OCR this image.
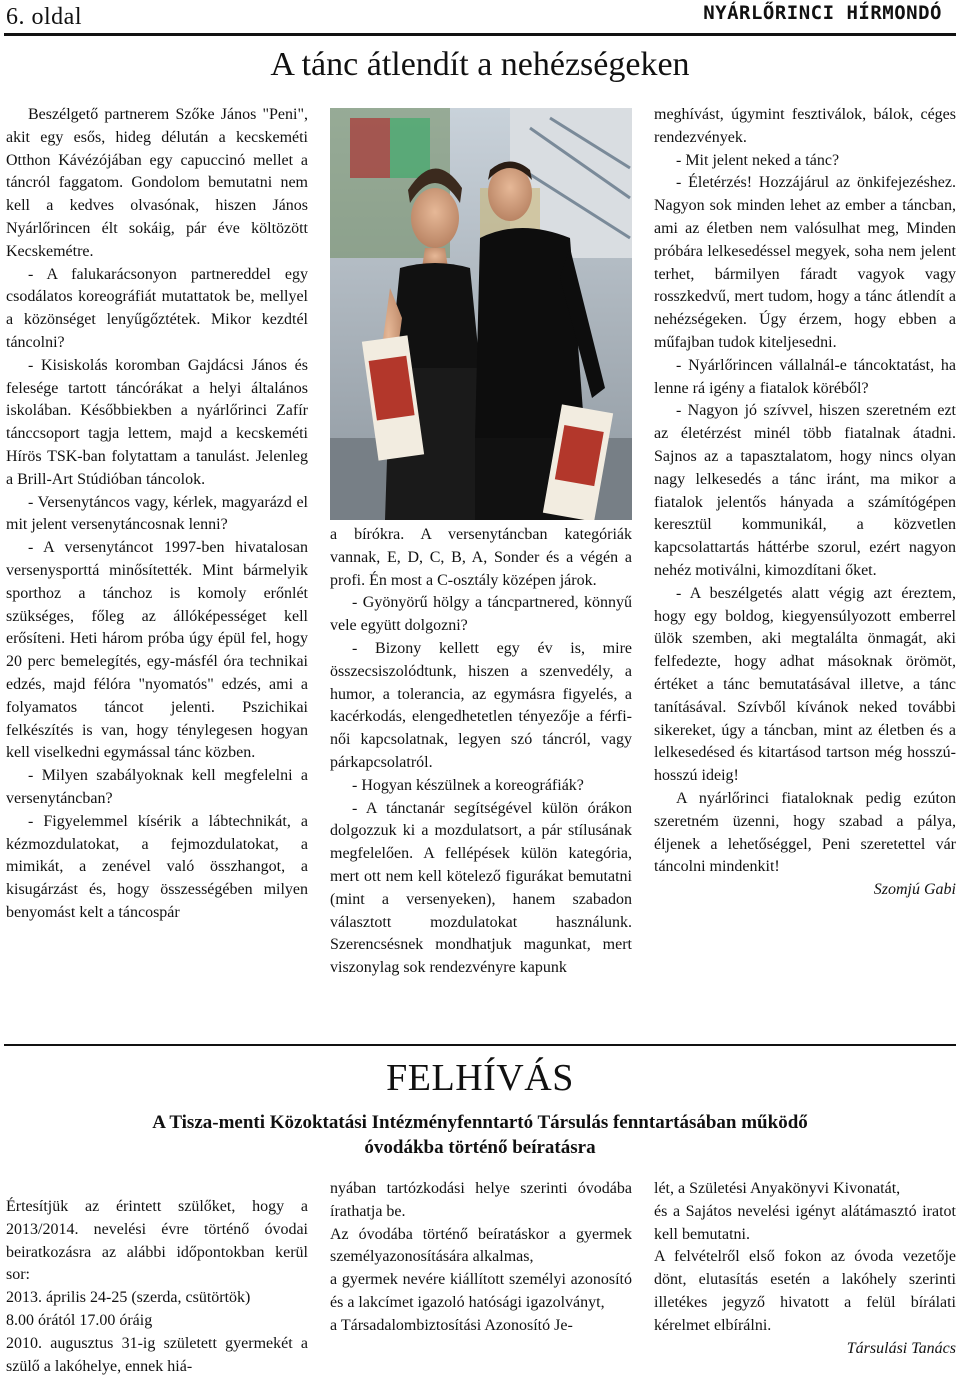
6. oldal	NYÁRLŐRINCI HÍRMONDÓ
A tánc átlendít a nehézségeken

Beszélgető partnerem Szőke János "Peni", akit egy esős, hideg délután a kecskeméti Otthon Kávézójában egy capuccinó mellet a táncról faggatom. Gondolom bemutatni nem kell a kedves olvasónak, hiszen János Nyárlőrincen élt sokáig, pár éve költözött Kecskemétre.

- A falukarácsonyon partnereddel egy csodálatos koreográfiát mutattatok be, mellyel a közönséget lenyűgőztétek. Mikor kezdtél táncolni?

- Kisiskolás koromban Gajdácsi János és felesége tartott táncórákat a helyi általános iskolában. Későbbiekben a nyárlőrinci Zafír tánccsoport tagja lettem, majd a kecskeméti Hírös TSK-ban folytattam a tanulást. Jelenleg a Brill-Art Stúdióban táncolok.

- Versenytáncos vagy, kérlek, magyarázd el mit jelent versenytáncosnak lenni?

- A versenytáncot 1997-ben hivatalosan versenysporttá minősítették. Mint bármelyik sporthoz a tánchoz is komoly erőnlét szükséges, főleg az állóképességet kell erősíteni. Heti három próba úgy épül fel, hogy 20 perc bemelegítés, egy-másfél óra technikai edzés, majd félóra "nyomatós" edzés, ami a folyamatos táncot jelenti. Pszichikai felkészítés is van, hogy ténylegesen hogyan kell viselkedni egymással tánc közben.

- Milyen szabályoknak kell megfelelni a versenytáncban?

- Figyelemmel kísérik a lábtechnikát, a kézmozdulatokat, a fejmozdulatokat, a mimikát, a zenével való összhangot, a kisugárzást és, hogy összességében milyen benyomást kelt a táncospár

a bírókra. A versenytáncban kategóriák vannak, E, D, C, B, A, Sonder és a végén a profi. Én most a C-osztály középen járok.

- Gyönyörű hölgy a táncpartnered, könnyű vele együtt dolgozni?

- Bizony kellett egy év is, mire összecsiszolódtunk, hiszen a szenvedély, a humor, a tolerancia, az egymásra figyelés, a kacérkodás, elengedhetetlen tényezője a férfi-női kapcsolatnak, legyen szó táncról, vagy párkapcsolatról.

- Hogyan készülnek a koreográfiák?

- A tánctanár segítségével külön órákon dolgozzuk ki a mozdulatsort, a pár stílusának megfelelően. A fellépések külön kategória, mert ott nem kell kötelező figurákat bemutatni (mint a versenyeken), hanem szabadon választott mozdulatokat használunk. Szerencsésnek mondhatjuk magunkat, mert viszonylag sok rendezvényre kapunk

meghívást, úgymint fesztiválok, bálok, céges rendezvények.

- Mit jelent neked a tánc?

- Életérzés! Hozzájárul az önkifejezéshez. Nagyon sok minden lehet az ember a táncban, ami az életben nem valósulhat meg, Minden próbára lelkesedéssel megyek, soha nem jelent terhet, bármilyen fáradt vagyok vagy rosszkedvű, mert tudom, hogy a tánc átlendít a nehézségeken. Úgy érzem, hogy ebben a műfajban tudok kiteljesedni.

- Nyárlőrincen vállalnál-e táncoktatást, ha lenne rá igény a fiatalok köréből?

- Nagyon jó szívvel, hiszen szeretném ezt az életérzést minél több fiatalnak átadni. Sajnos az a tapasztalatom, hogy nincs olyan nagy lelkesedés a tánc iránt, ma mikor a fiatalok jelentős hányada a számítógépen keresztül kommunikál, a közvetlen kapcsolattartás háttérbe szorul, ezért nagyon nehéz motiválni, kimozdítani őket.

- A beszélgetés alatt végig azt éreztem, hogy egy boldog, kiegyensúlyozott emberrel ülök szemben, aki megtalálta önmagát, aki felfedezte, hogy adhat másoknak örömöt, értéket a tánc bemutatásával illetve, a tánc tanításával. Szívből kívánok neked további sikereket, úgy a táncban, mint az életben és a lelkesedésed és kitartásod tartson még hosszú-hosszú ideig!

A nyárlőrinci fiataloknak pedig ezúton szeretném üzenni, hogy szabad a pálya, éljenek a lehetőséggel, Peni szeretettel vár táncolni mindenkit!

Szomjú Gabi

FELHÍVÁS
A Tisza-menti Közoktatási Intézményfenntartó Társulás fenntartásában működő
óvodákba történő beíratásra

Értesítjük az érintett szülőket, hogy a 2013/2014. nevelési évre történő óvodai beiratkozásra az alábbi időpontokban kerül sor:

2013. április 24-25 (szerda, csütörtök)

8.00 órától 17.00 óráig

2010. augusztus 31-ig született gyermekét a szülő a lakóhelye, ennek hiá-

nyában tartózkodási helye szerinti óvodába írathatja be.

Az óvodába történő beíratáskor a gyermek személyazonosítására alkalmas,

a gyermek nevére kiállított személyi azonosító és a lakcímet igazoló hatósági igazolványt,

a Társadalombiztosítási Azonosító Je-

lét, a Születési Anyakönyvi Kivonatát,

és a Sajátos nevelési igényt alátámasztó iratot kell bemutatni.

A felvételről első fokon az óvoda vezetője dönt, elutasítás esetén a lakóhely szerinti illetékes jegyző hivatott a felül bírálati kérelmet elbírálni.

Társulási Tanács
